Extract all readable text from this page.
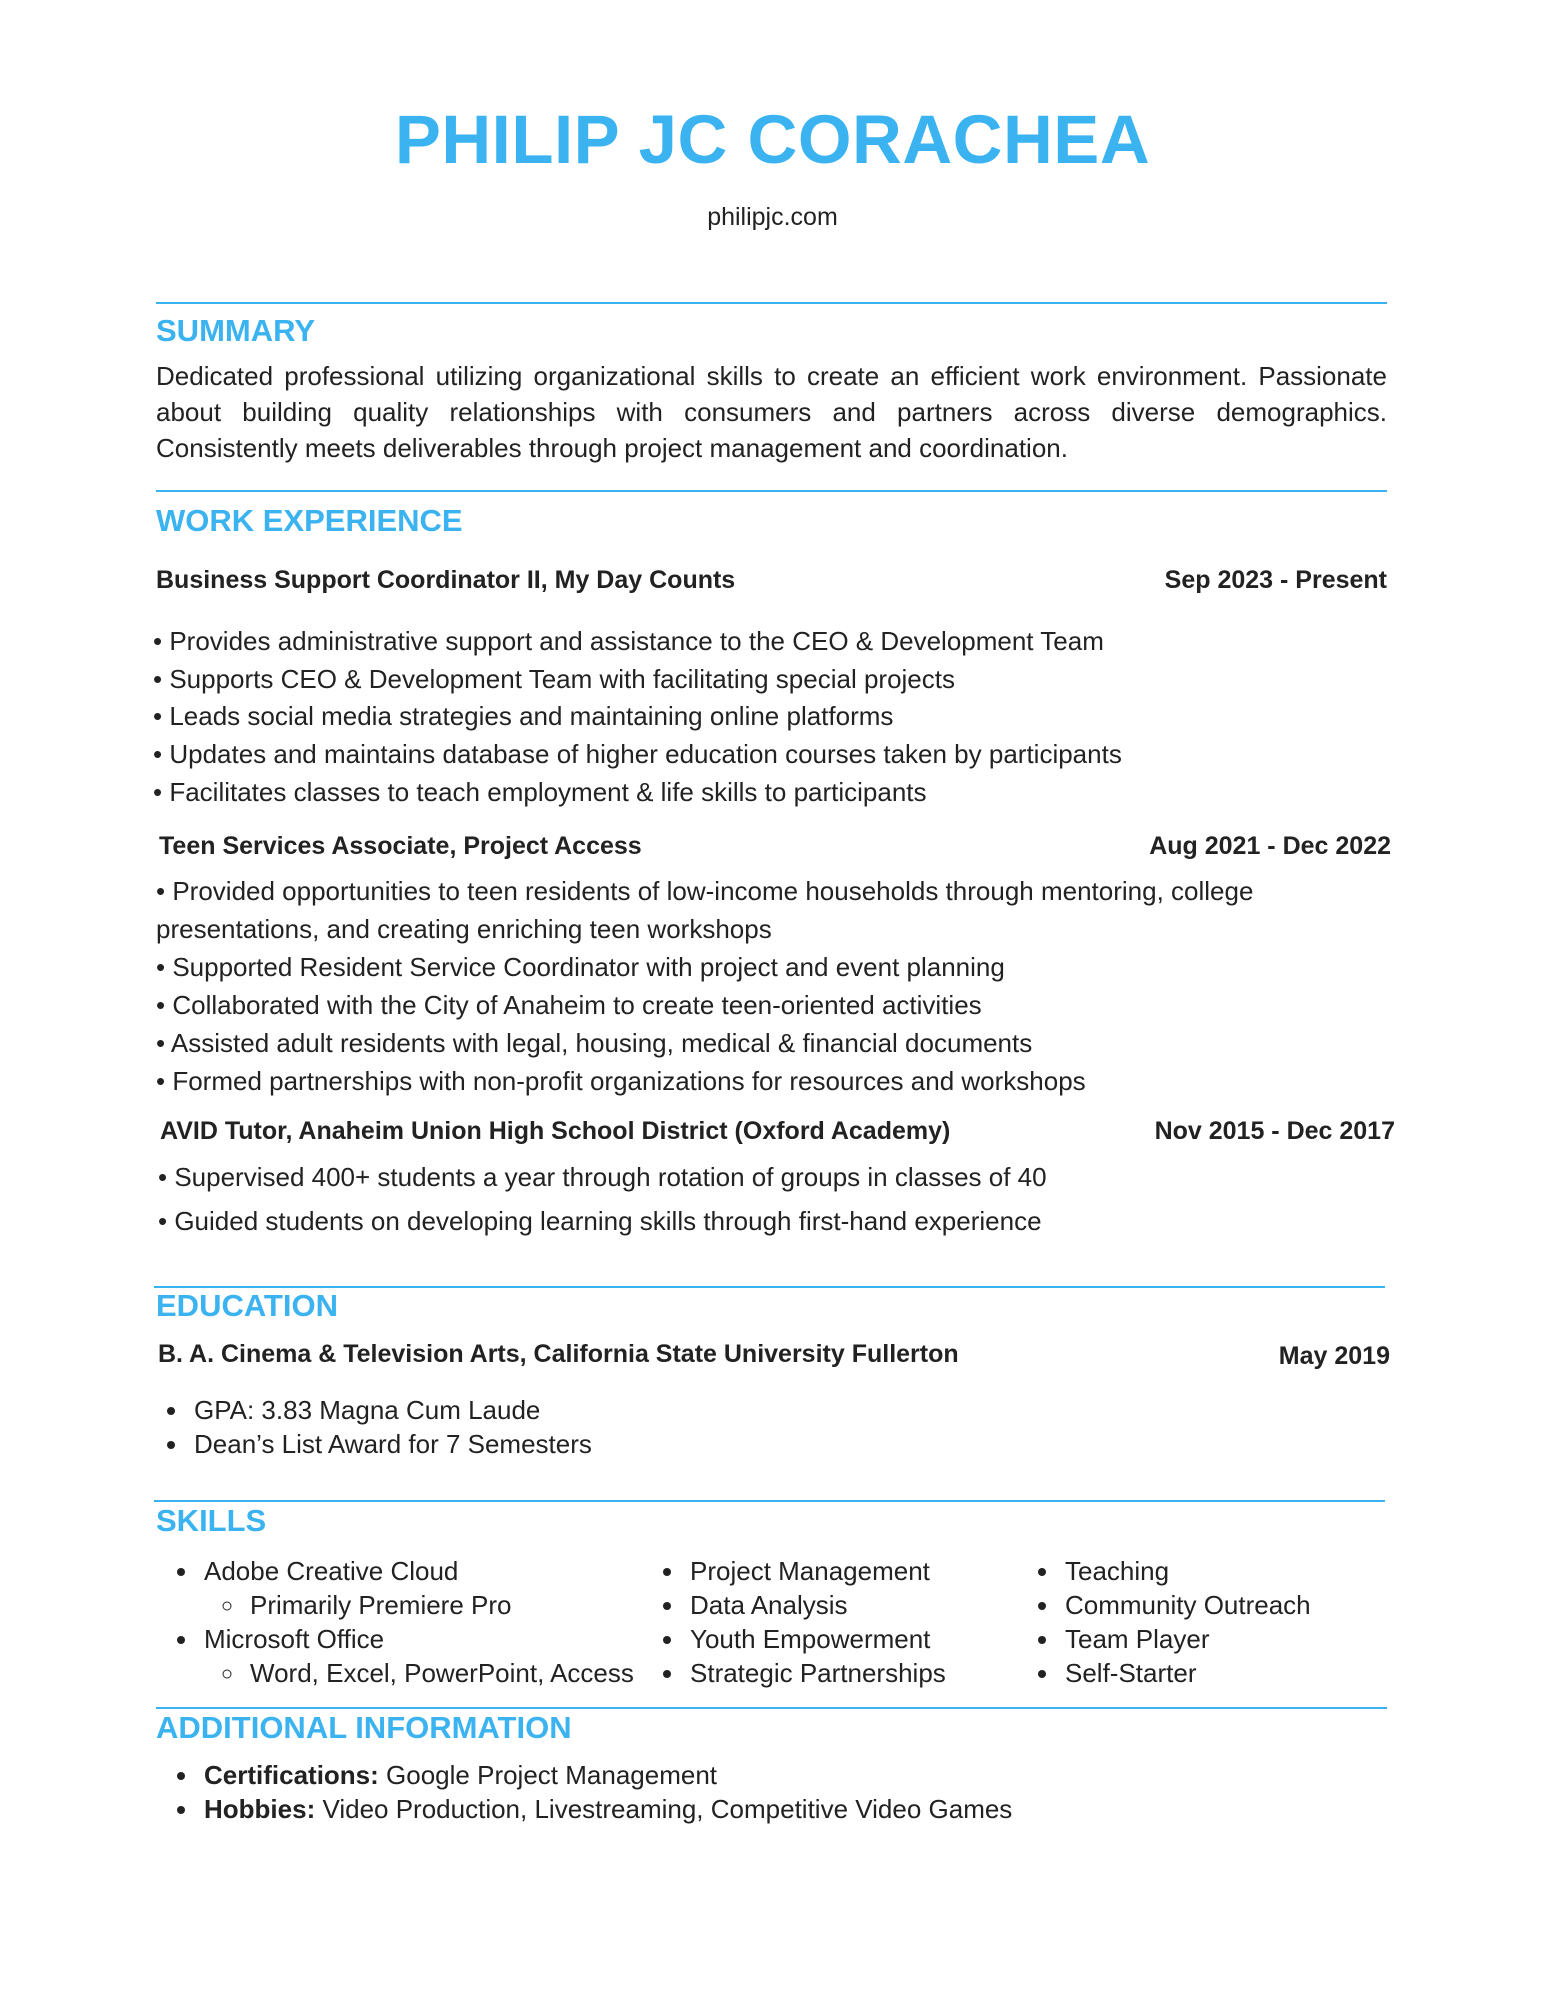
PHILIP JC CORACHEA
philipjc.com
SUMMARY
Dedicated professional utilizing organizational skills to create an efficient work environment. Passionate about building quality relationships with consumers and partners across diverse demographics. Consistently meets deliverables through project management and coordination.
WORK EXPERIENCE
Business Support Coordinator II, My Day Counts	Sep 2023 - Present
• Provides administrative support and assistance to the CEO & Development Team
• Supports CEO & Development Team with facilitating special projects
• Leads social media strategies and maintaining online platforms
• Updates and maintains database of higher education courses taken by participants
• Facilitates classes to teach employment & life skills to participants
Teen Services Associate, Project Access	Aug 2021 - Dec 2022
• Provided opportunities to teen residents of low-income households through mentoring, college presentations, and creating enriching teen workshops
• Supported Resident Service Coordinator with project and event planning
• Collaborated with the City of Anaheim to create teen-oriented activities
• Assisted adult residents with legal, housing, medical & financial documents
• Formed partnerships with non-profit organizations for resources and workshops
AVID Tutor, Anaheim Union High School District (Oxford Academy)	Nov 2015 - Dec 2017
• Supervised 400+ students a year through rotation of groups in classes of 40
• Guided students on developing learning skills through first-hand experience
EDUCATION
B. A. Cinema & Television Arts, California State University Fullerton	May 2019
• GPA: 3.83 Magna Cum Laude
• Dean’s List Award for 7 Semesters
SKILLS
• Adobe Creative Cloud
◦ Primarily Premiere Pro
• Microsoft Office
◦ Word, Excel, PowerPoint, Access
• Project Management
• Data Analysis
• Youth Empowerment
• Strategic Partnerships
• Teaching
• Community Outreach
• Team Player
• Self-Starter
ADDITIONAL INFORMATION
• Certifications: Google Project Management
• Hobbies: Video Production, Livestreaming, Competitive Video Games
